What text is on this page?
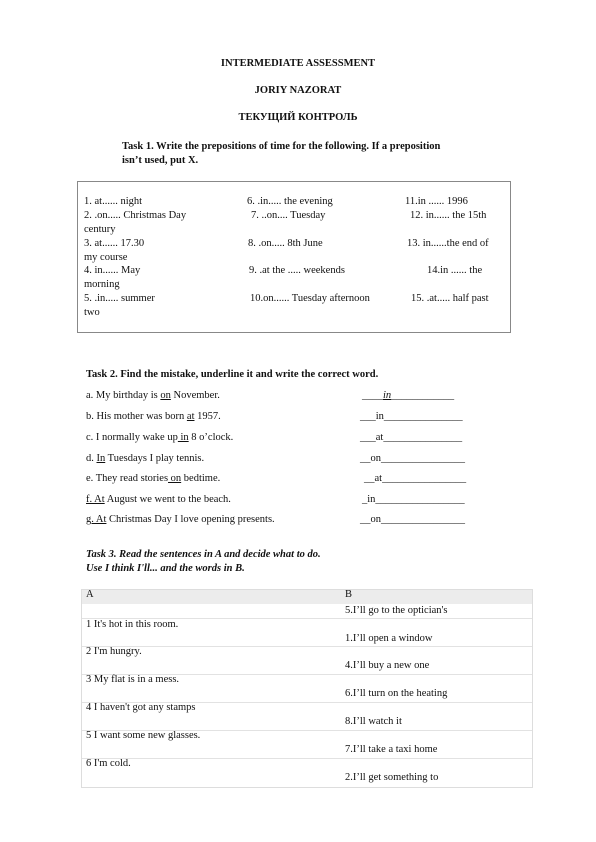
INTERMEDIATE ASSESSMENT
JORIY NAZORAT
ТЕКУЩИЙ КОНТРОЛЬ
Task 1. Write the prepositions of time for the following. If a preposition
isn’t used, put X.
1. at...... night
2. .on..... Christmas Day
century
3. at...... 17.30
my course
4. in...... May
morning
5. .in..... summer
two
6. .in..... the evening
7. ..on.... Tuesday
8. .on..... 8th June
9. .at the ..... weekends
10.on...... Tuesday afternoon
11.in ...... 1996
12. in...... the 15th
13. in......the end of
14.in ...... the
15. .at..... half past
Task 2. Find the mistake, underline it and write the correct word.
a. My birthday is on November.
b. His mother was born at 1957.
c. I normally wake up in 8 o’clock.
d. In Tuesdays I play tennis.
e. They read stories on bedtime.
f. At August we went to the beach.
g. At Christmas Day I love opening presents.
____in____________
___in_______________
___at_______________
__on________________
__at________________
_in_________________
__on________________
Task 3. Read the sentences in A and decide what to do.
Use I think I'll... and the words in B.
A	B
1 It's hot in this room.
2 I'm hungry.
3 My flat is in a mess.
4 I haven't got any stamps
5 I want some new glasses.
6 I'm cold.
5.I’ll go to the optician's
1.I’ll open a window
4.I’ll buy a new one
6.I’ll turn on the heating
8.I’ll watch it
7.I’ll take a taxi home
2.I’ll get something to
